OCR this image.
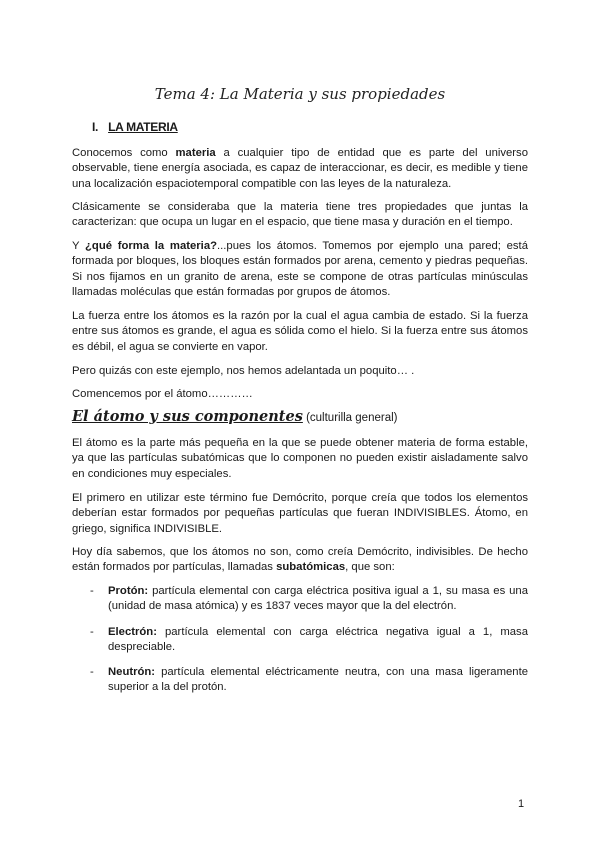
Tema 4: La Materia y sus propiedades
I. LA MATERIA

Conocemos como materia a cualquier tipo de entidad que es parte del universo observable, tiene energía asociada, es capaz de interaccionar, es decir, es medible y tiene una localización espaciotemporal compatible con las leyes de la naturaleza.

Clásicamente se consideraba que la materia tiene tres propiedades que juntas la caracterizan: que ocupa un lugar en el espacio, que tiene masa y duración en el tiempo.

Y ¿qué forma la materia?...pues los átomos. Tomemos por ejemplo una pared; está formada por bloques, los bloques están formados por arena, cemento y piedras pequeñas. Si nos fijamos en un granito de arena, este se compone de otras partículas minúsculas llamadas moléculas que están formadas por grupos de átomos.

La fuerza entre los átomos es la razón por la cual el agua cambia de estado. Si la fuerza entre sus átomos es grande, el agua es sólida como el hielo. Si la fuerza entre sus átomos es débil, el agua se convierte en vapor.

Pero quizás con este ejemplo, nos hemos adelantada un poquito… .

Comencemos por el átomo…………

El átomo y sus componentes (culturilla general)

El átomo es la parte más pequeña en la que se puede obtener materia de forma estable, ya que las partículas subatómicas que lo componen no pueden existir aisladamente salvo en condiciones muy especiales.

El primero en utilizar este término fue Demócrito, porque creía que todos los elementos deberían estar formados por pequeñas partículas que fueran INDIVISIBLES. Átomo, en griego, significa INDIVISIBLE.

Hoy día sabemos, que los átomos no son, como creía Demócrito, indivisibles. De hecho están formados por partículas, llamadas subatómicas, que son:

- Protón: partícula elemental con carga eléctrica positiva igual a 1, su masa es una (unidad de masa atómica) y es 1837 veces mayor que la del electrón.
- Electrón: partícula elemental con carga eléctrica negativa igual a 1, masa despreciable.
- Neutrón: partícula elemental eléctricamente neutra, con una masa ligeramente superior a la del protón.
1
